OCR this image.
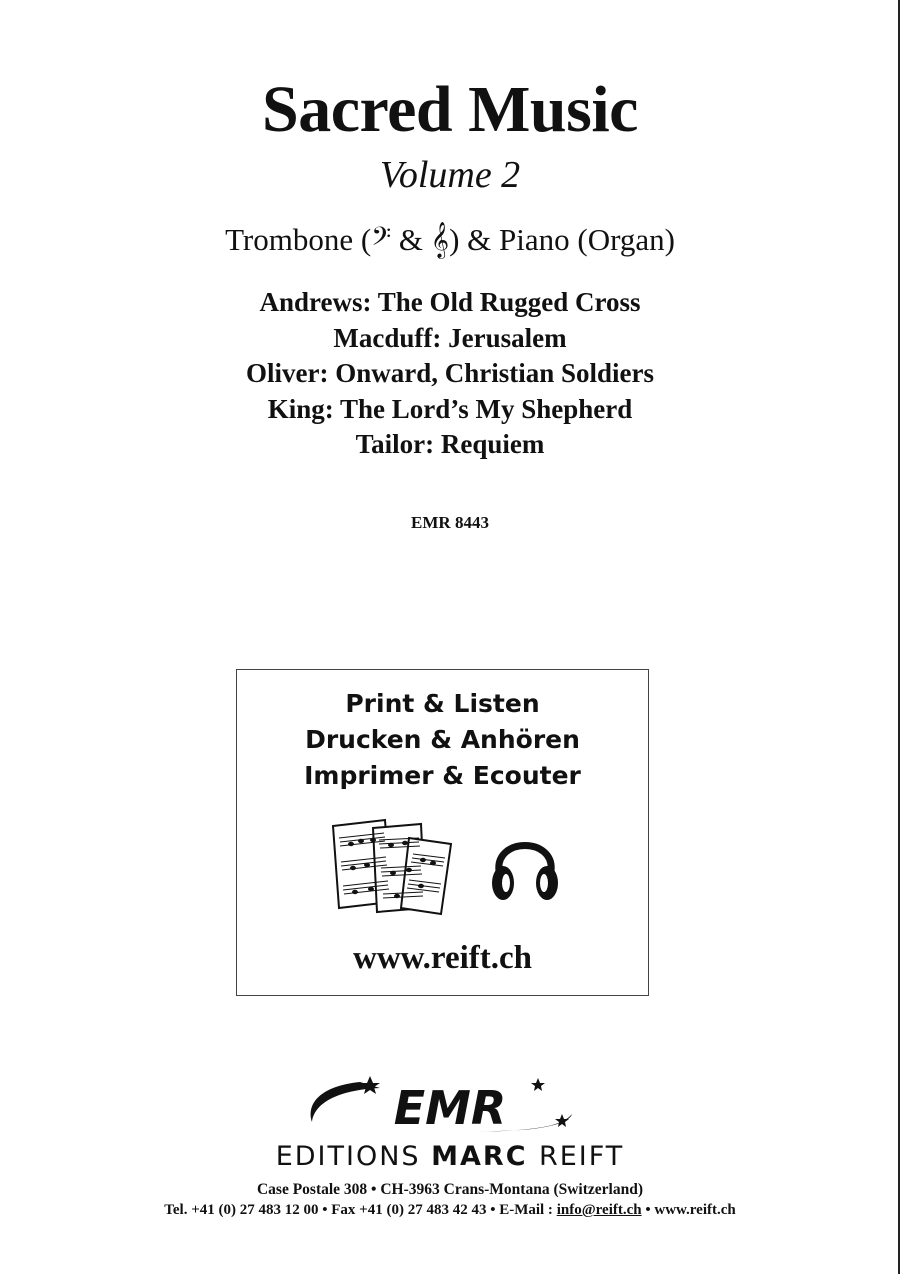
Sacred Music
Volume 2
Trombone (𝄢 & 𝄞) & Piano (Organ)
Andrews: The Old Rugged Cross
Macduff: Jerusalem
Oliver: Onward, Christian Soldiers
King: The Lord’s My Shepherd
Tailor: Requiem
EMR 8443
Print & Listen
Drucken & Anhören
Imprimer & Ecouter
www.reift.ch
EMR
EDITIONS MARC REIFT
Case Postale 308 • CH-3963 Crans-Montana (Switzerland)
Tel. +41 (0) 27 483 12 00 • Fax +41 (0) 27 483 42 43 • E-Mail : info@reift.ch • www.reift.ch
